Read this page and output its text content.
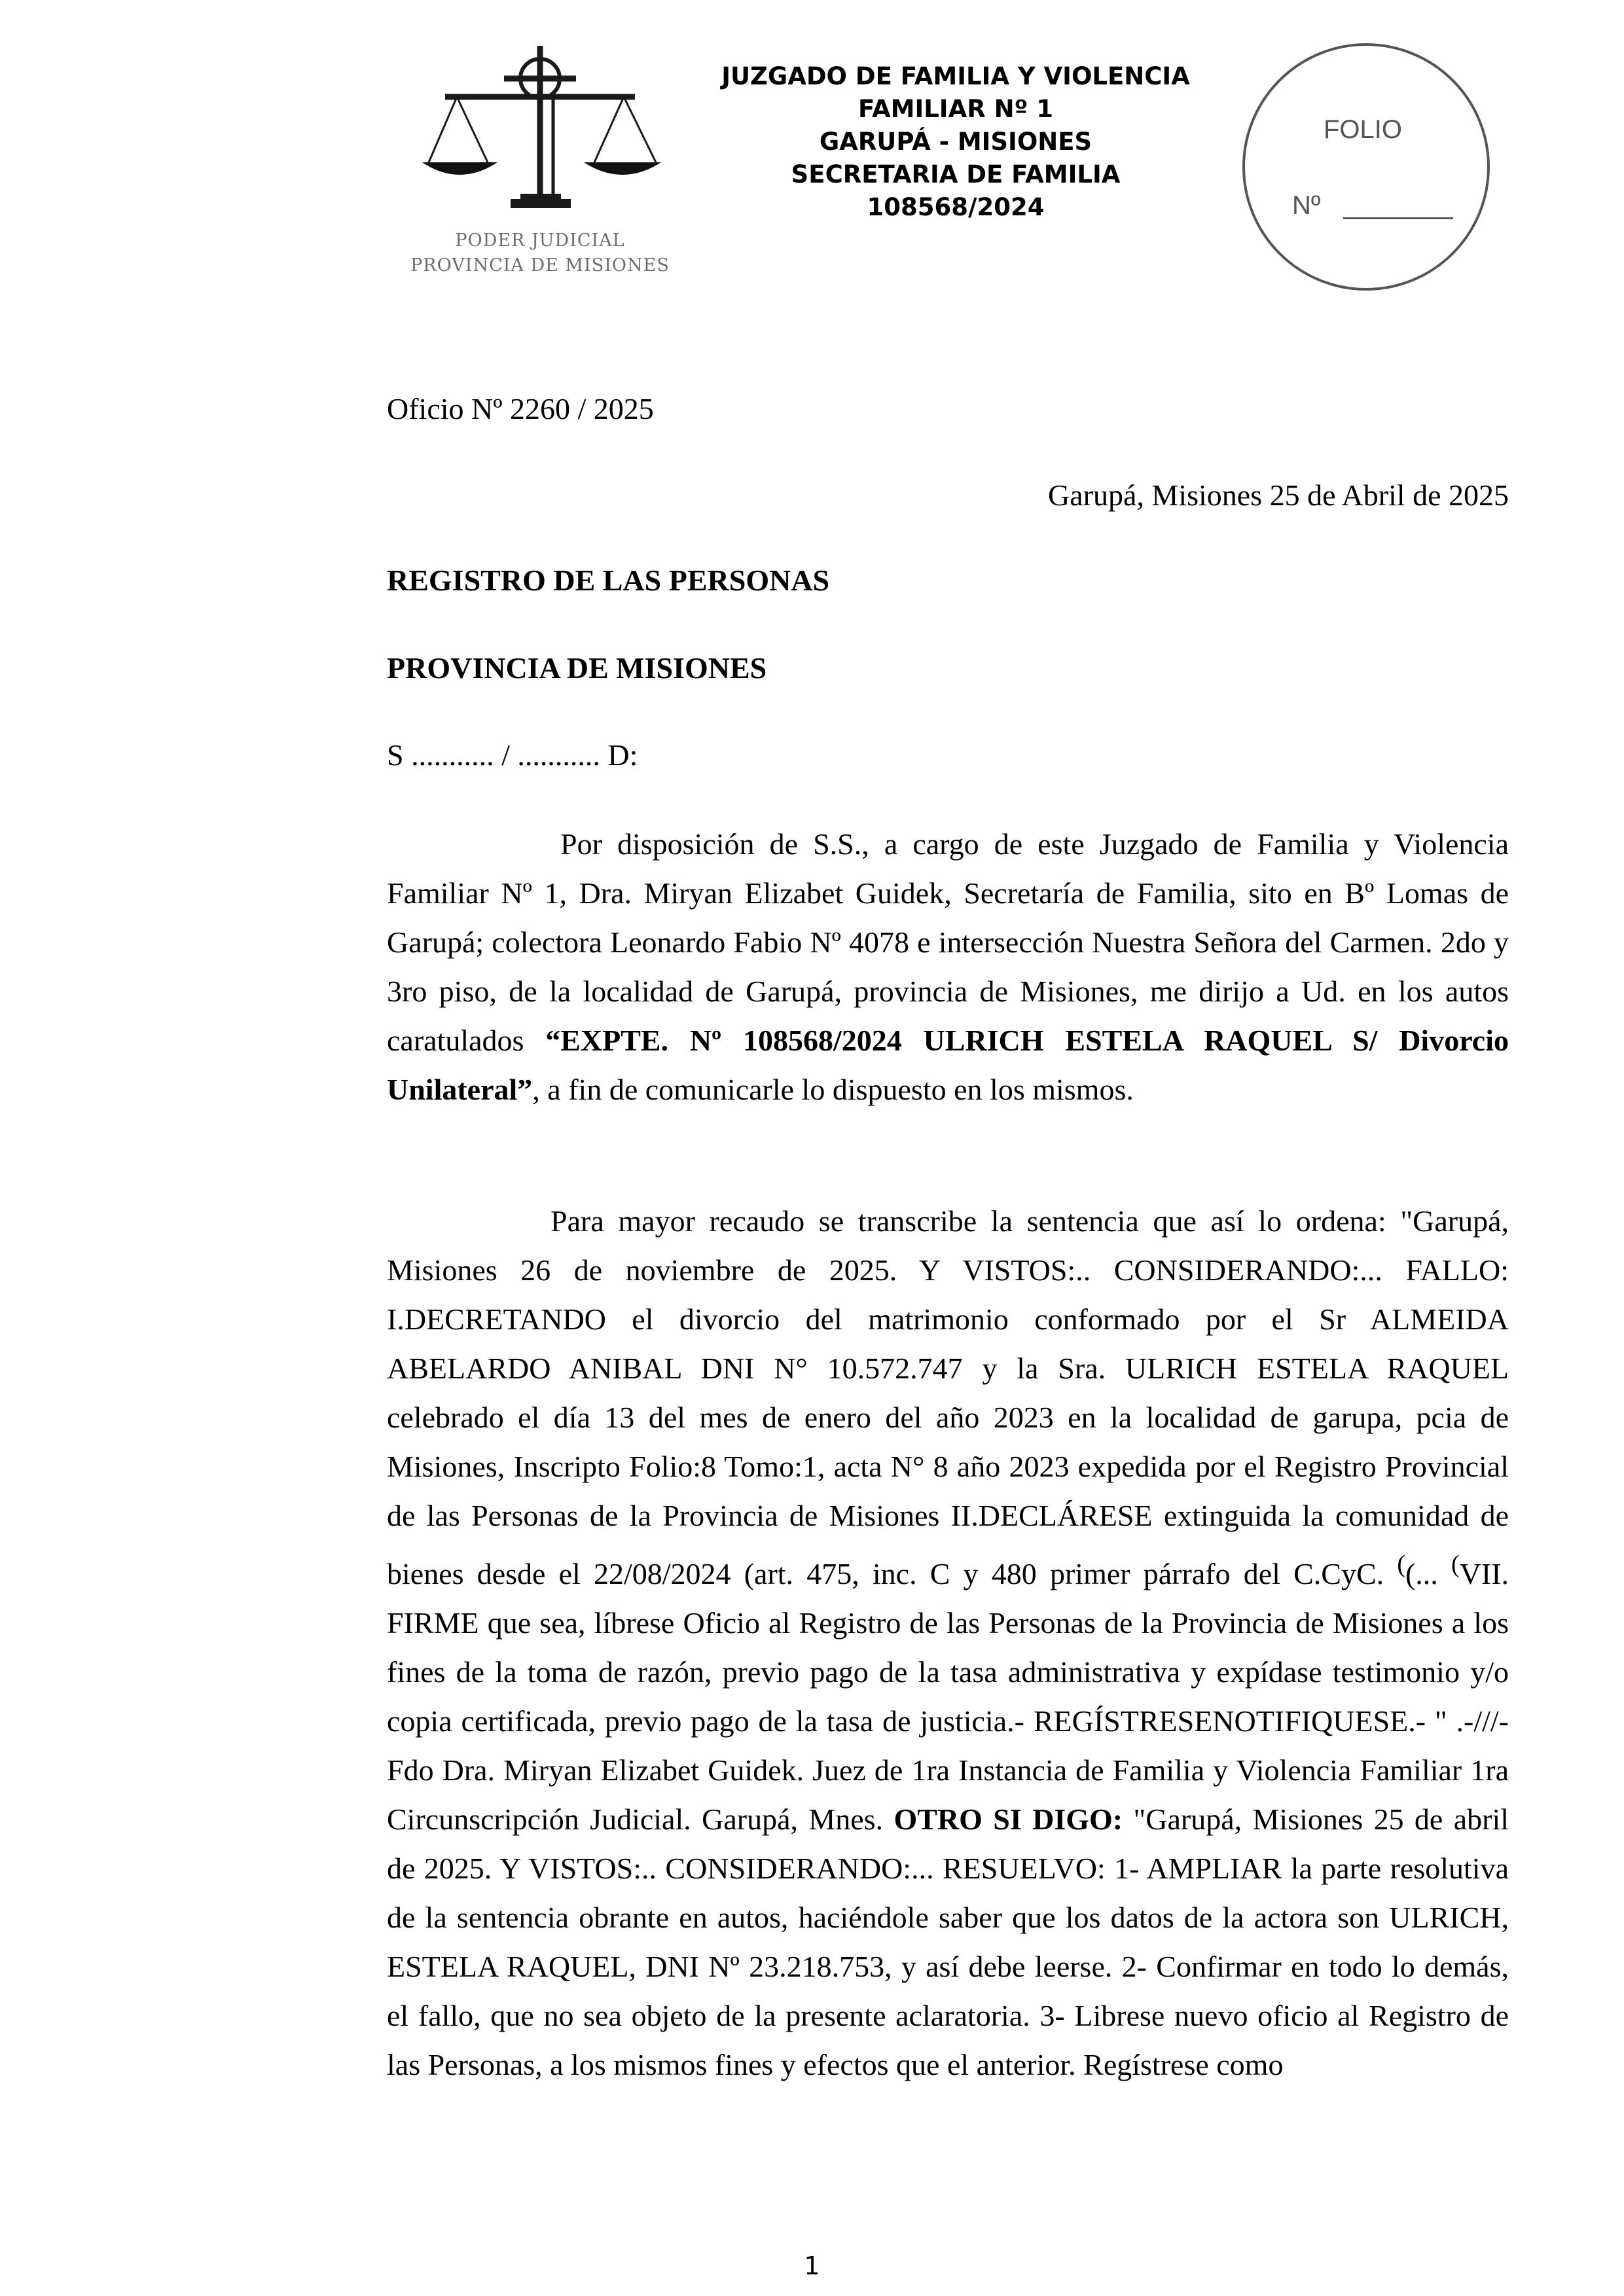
PODER JUDICIAL
PROVINCIA DE MISIONES
JUZGADO DE FAMILIA Y VIOLENCIA
FAMILIAR Nº 1
GARUPÁ - MISIONES
SECRETARIA DE FAMILIA
108568/2024
FOLIO
Nº
Oficio Nº 2260 / 2025
Garupá, Misiones 25 de Abril de 2025
REGISTRO DE LAS PERSONAS
PROVINCIA DE MISIONES
S ........... / ........... D:
Por disposición de S.S., a cargo de este Juzgado de Familia y Violencia Familiar Nº 1, Dra. Miryan Elizabet Guidek, Secretaría de Familia, sito en Bº Lomas de Garupá; colectora Leonardo Fabio Nº 4078 e intersección Nuestra Señora del Carmen. 2do y 3ro piso, de la localidad de Garupá, provincia de Misiones, me dirijo a Ud. en los autos caratulados “EXPTE. Nº 108568/2024 ULRICH ESTELA RAQUEL S/ Divorcio Unilateral”, a fin de comunicarle lo dispuesto en los mismos.
Para mayor recaudo se transcribe la sentencia que así lo ordena: "Garupá, Misiones 26 de noviembre de 2025. Y VISTOS:.. CONSIDERANDO:... FALLO: I.DECRETANDO el divorcio del matrimonio conformado por el Sr ALMEIDA ABELARDO ANIBAL DNI N° 10.572.747 y la Sra. ULRICH ESTELA RAQUEL celebrado el día 13 del mes de enero del año 2023 en la localidad de garupa, pcia de Misiones, Inscripto Folio:8 Tomo:1, acta N° 8 año 2023 expedida por el Registro Provincial de las Personas de la Provincia de Misiones II.DECLÁRESE extinguida la comunidad de bienes desde el 22/08/2024 (art. 475, inc. C y 480 primer párrafo del C.CyC. ((... (VII. FIRME que sea, líbrese Oficio al Registro de las Personas de la Provincia de Misiones a los fines de la toma de razón, previo pago de la tasa administrativa y expídase testimonio y/o copia certificada, previo pago de la tasa de justicia.- REGÍSTRESENOTIFIQUESE.- " .-///- Fdo Dra. Miryan Elizabet Guidek. Juez de 1ra Instancia de Familia y Violencia Familiar 1ra Circunscripción Judicial. Garupá, Mnes. OTRO SI DIGO: "Garupá, Misiones 25 de abril de 2025. Y VISTOS:.. CONSIDERANDO:... RESUELVO: 1- AMPLIAR la parte resolutiva de la sentencia obrante en autos, haciéndole saber que los datos de la actora son ULRICH, ESTELA RAQUEL, DNI Nº 23.218.753, y así debe leerse. 2- Confirmar en todo lo demás, el fallo, que no sea objeto de la presente aclaratoria. 3- Librese nuevo oficio al Registro de las Personas, a los mismos fines y efectos que el anterior. Regístrese como
1
